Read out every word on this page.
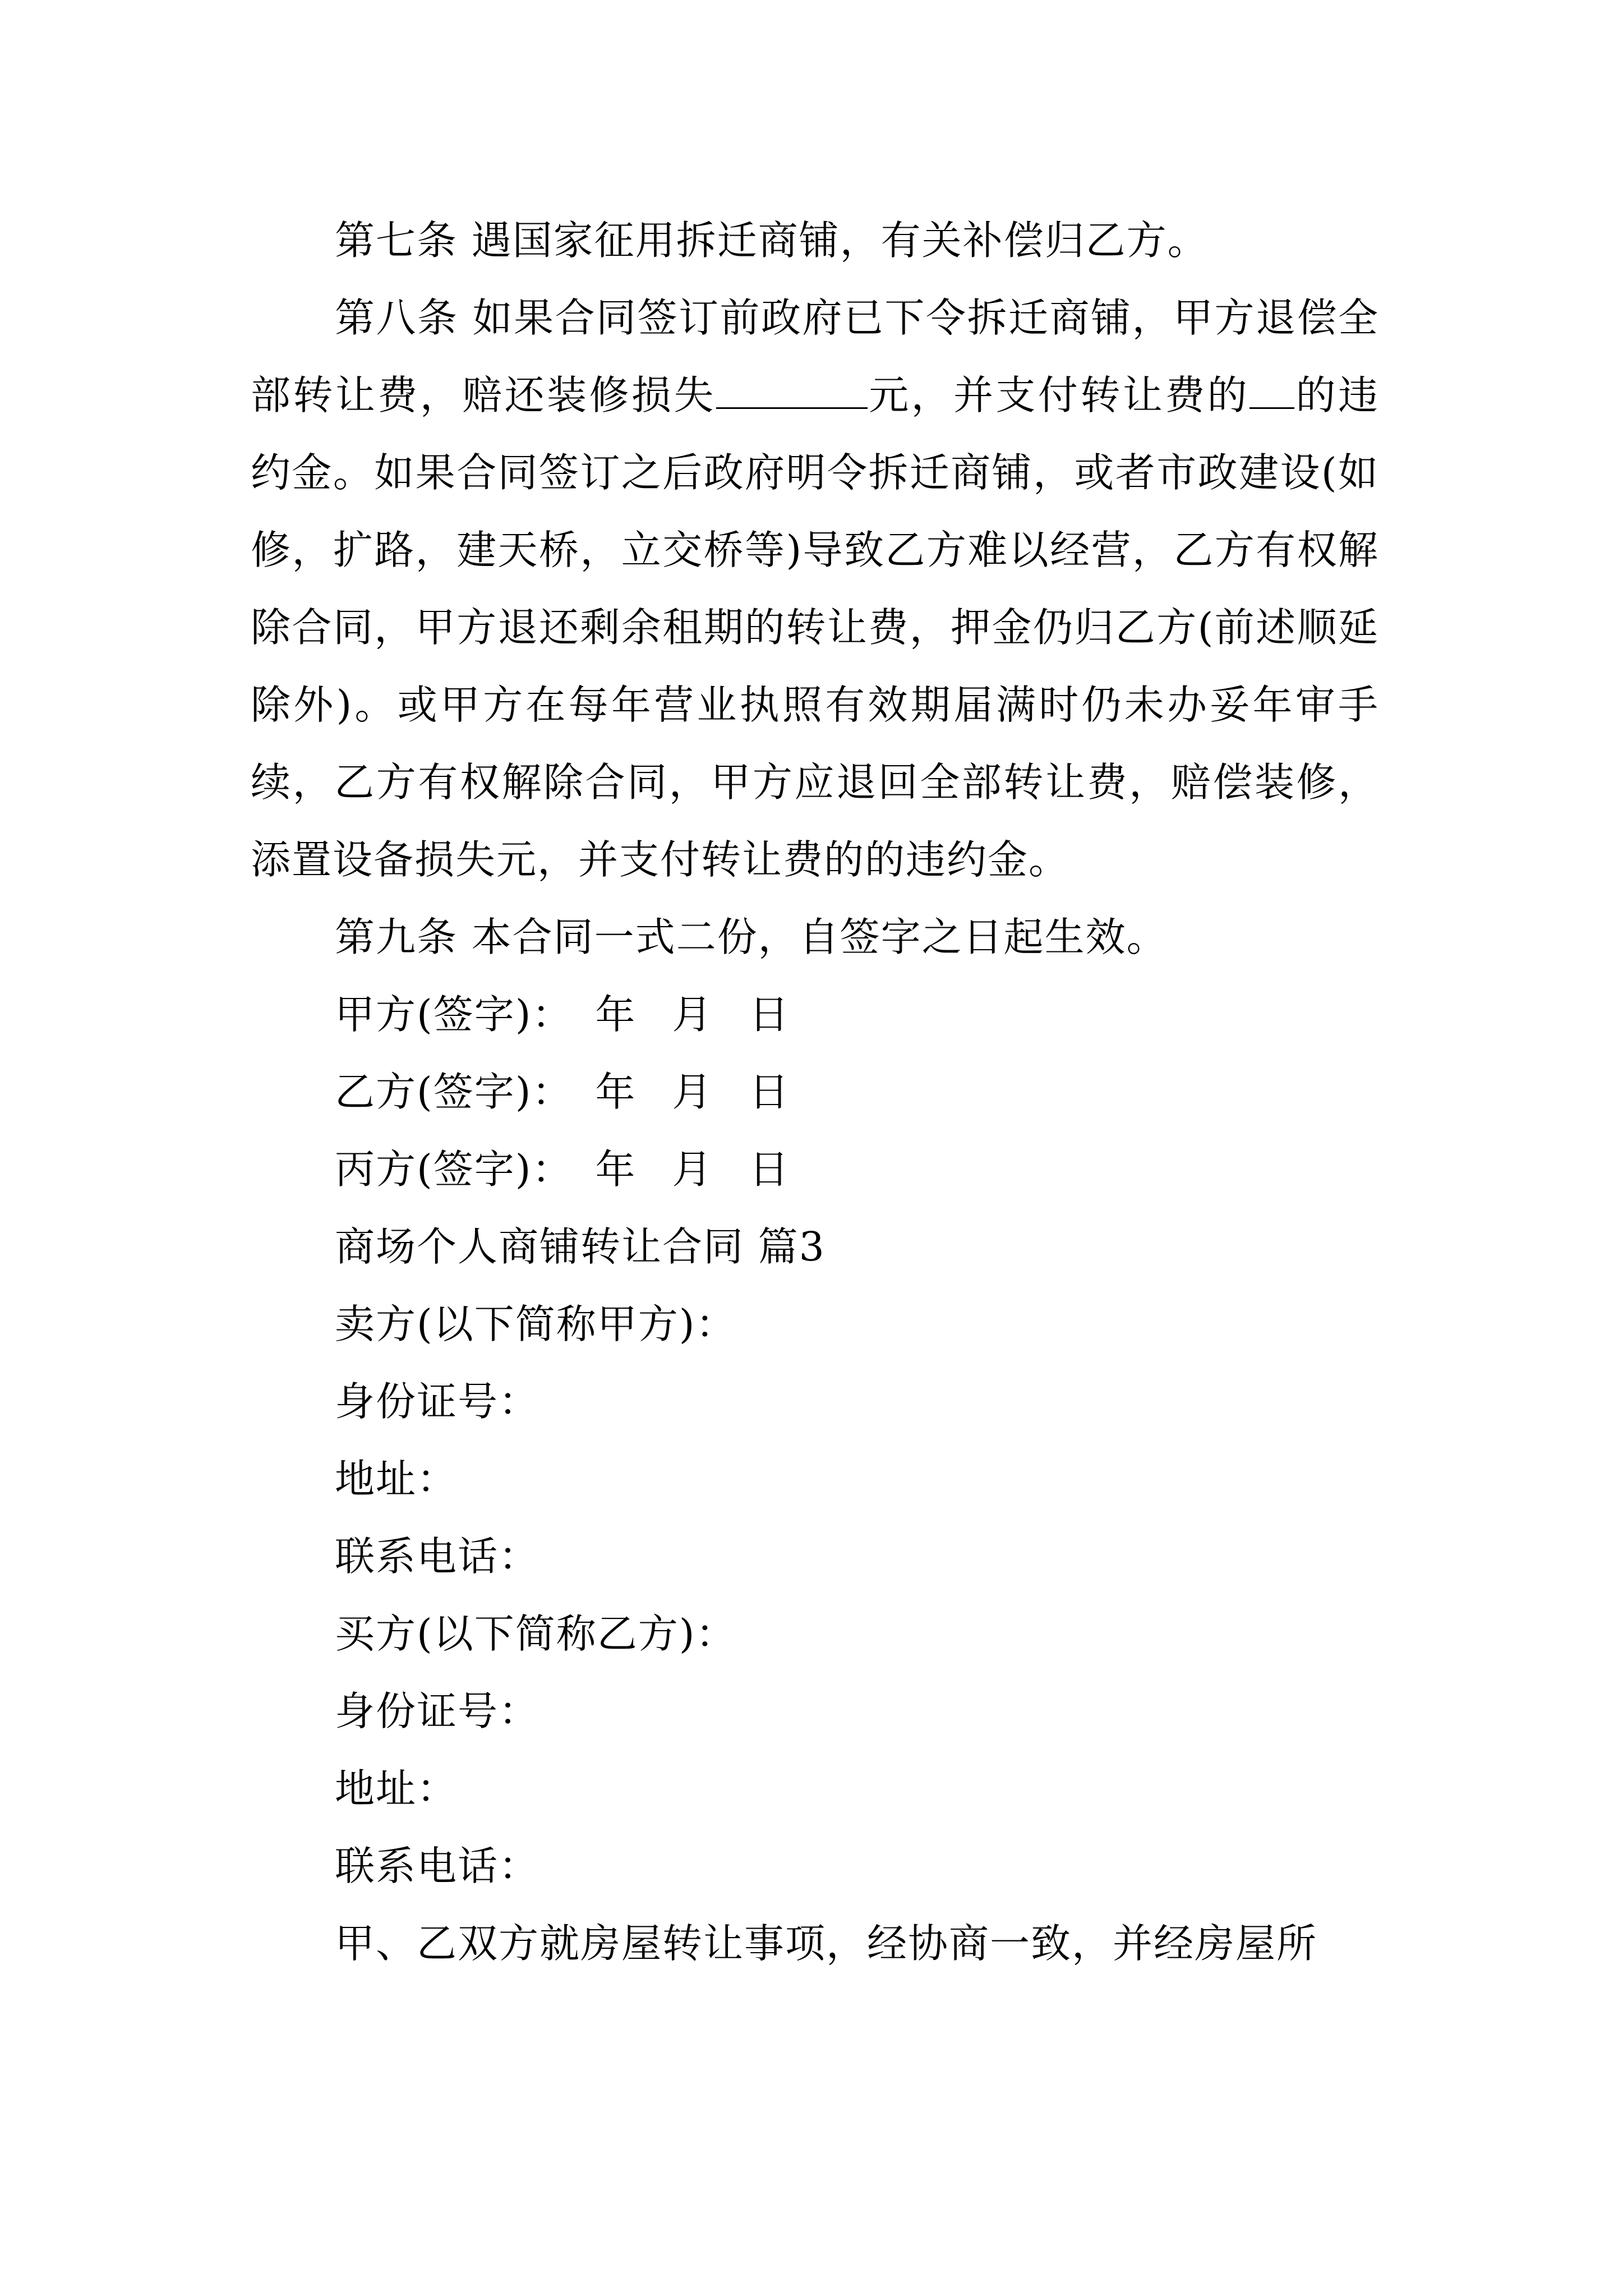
第七条 遇国家征用拆迁商铺，有关补偿归乙方。

第八条 如果合同签订前政府已下令拆迁商铺，甲方退偿全部转让费，赔还装修损失	元，并支付转让费的 的违约金。如果合同签订之后政府明令拆迁商铺，或者市政建设(如修，扩路，建天桥，立交桥等)导致乙方难以经营，乙方有权解除合同，甲方退还剩余租期的转让费，押金仍归乙方(前述顺延除外)。或甲方在每年营业执照有效期届满时仍未办妥年审手续，乙方有权解除合同，甲方应退回全部转让费，赔偿装修，添置设备损失元，并支付转让费的的违约金。

第九条 本合同一式二份，自签字之日起生效。

甲方(签字)： 年 月 日

乙方(签字)： 年 月 日

丙方(签字)： 年 月 日

商场个人商铺转让合同 篇3

卖方(以下简称甲方)：

身份证号：

地址：

联系电话：

买方(以下简称乙方)：

身份证号：

地址：

联系电话：

甲、乙双方就房屋转让事项，经协商一致，并经房屋所
